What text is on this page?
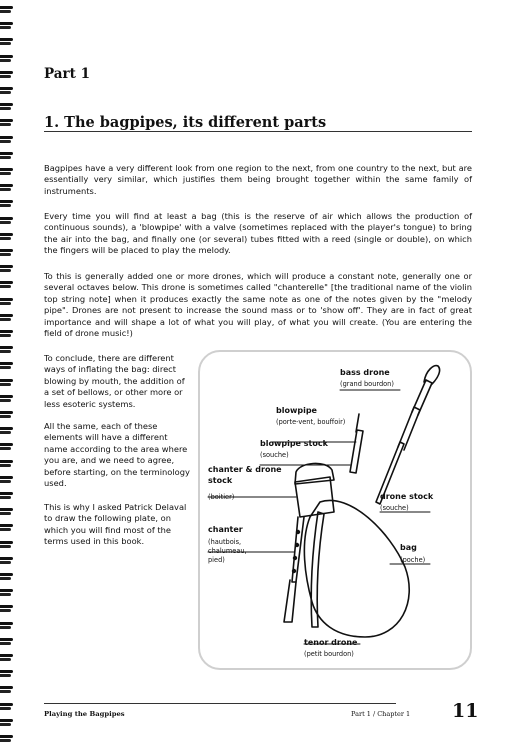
Part 1
1. The bagpipes, its different parts

Bagpipes have a very different look from one region to the next, from one country to the next, but are essentially very similar, which justifies them being brought together within the same family of instruments.

Every time you will find at least a bag (this is the reserve of air which allows the production of continuous sounds), a 'blowpipe' with a valve (sometimes replaced with the player's tongue) to bring the air into the bag, and finally one (or several) tubes fitted with a reed (single or double), on which the fingers will be placed to play the melody.

To this is generally added one or more drones, which will produce a constant note, generally one or several octaves below. This drone is sometimes called "chanterelle" [the traditional name of the violin top string note] when it produces exactly the same note as one of the notes given by the "melody pipe". Drones are not present to increase the sound mass or to 'show off'. They are in fact of great importance and will shape a lot of what you will play, of what you will create. (You are entering the field of drone music!)

To conclude, there are different ways of inflating the bag: direct blowing by mouth, the addition of a set of bellows, or other more or less esoteric systems.

All the same, each of these elements will have a different name according to the area where you are, and we need to agree, before starting, on the terminology used.

This is why I asked Patrick Delaval to draw the following plate, on which you will find most of the terms used in this book.

bass drone
(grand bourdon)
blowpipe
(porte-vent, bouffoir)
blowpipe stock
(souche)
chanter & drone
stock
(boitier)	drone stock
(souche)
chanter
(hautbois,
chalumeau,
pied)
bag
(poche)
tenor drone
(petit bourdon)
Playing the Bagpipes	Part 1 / Chapter 1 11
